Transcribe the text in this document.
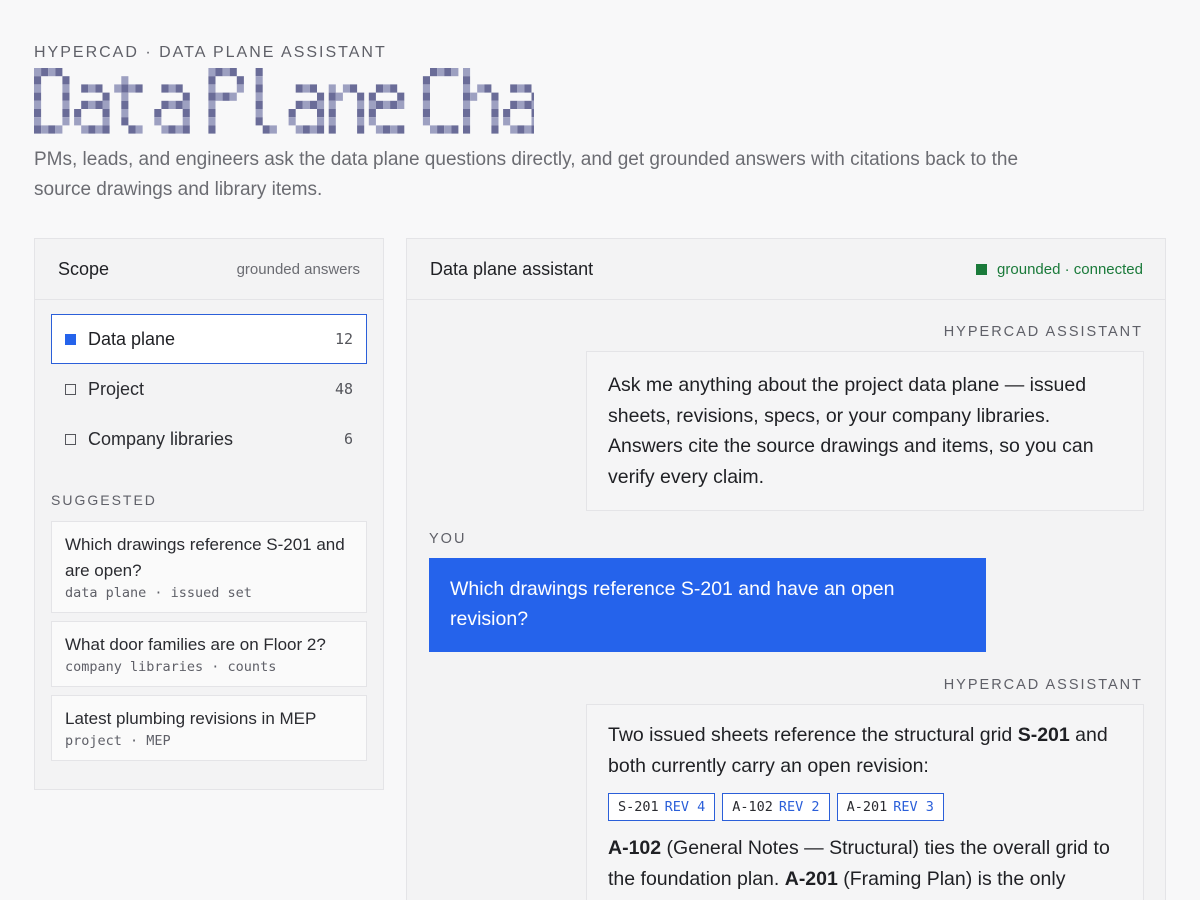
HYPERCAD · DATA PLANE ASSISTANT
PMs, leads, and engineers ask the data plane questions directly, and get grounded answers with citations back to the source drawings and library items.
Scope	grounded answers
Data plane	12
Project	48
Company libraries	6
SUGGESTED
Which drawings reference S-201 and are open?
data plane · issued set
What door families are on Floor 2?
company libraries · counts
Latest plumbing revisions in MEP
project · MEP
Data plane assistant	grounded · connected
HYPERCAD ASSISTANT
Ask me anything about the project data plane — issued sheets, revisions, specs, or your company libraries. Answers cite the source drawings and items, so you can verify every claim.
YOU
Which drawings reference S-201 and have an open revision?
HYPERCAD ASSISTANT
Two issued sheets reference the structural grid S-201 and both currently carry an open revision:
S-201 REV 4	A-102 REV 2	A-201 REV 3
A-102 (General Notes — Structural) ties the overall grid to the foundation plan. A-201 (Framing Plan) is the only
